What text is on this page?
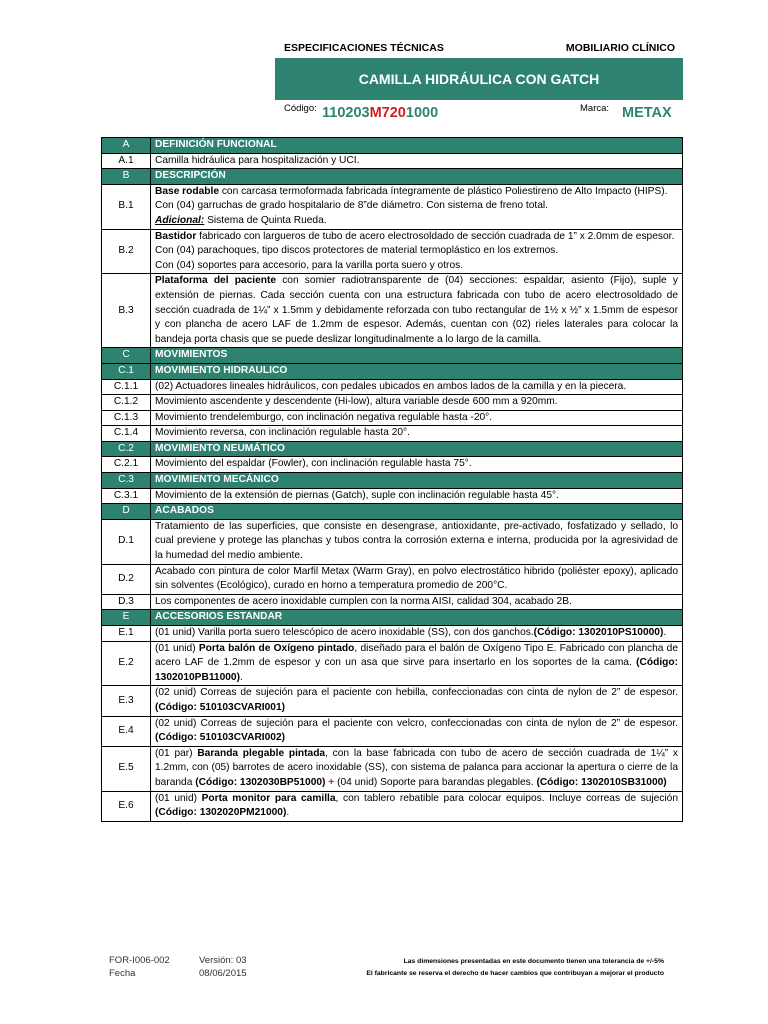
ESPECIFICACIONES TÉCNICAS	MOBILIARIO CLÍNICO
CAMILLA HIDRÁULICA CON GATCH
Código: 110203M7201000	Marca: METAX
A	DEFINICIÓN FUNCIONAL
A.1	Camilla hidráulica para hospitalización y UCI.
B	DESCRIPCIÓN
B.1	Base rodable con carcasa termoformada fabricada íntegramente de plástico Poliestireno de Alto Impacto (HIPS).
Con (04) garruchas de grado hospitalario de 8”de diámetro. Con sistema de freno total.
Adicional: Sistema de Quinta Rueda.

B.2	Bastidor fabricado con largueros de tubo de acero electrosoldado de sección cuadrada de 1” x 2.0mm de espesor.
Con (04) parachoques, tipo discos protectores de material termoplástico en los extremos.
Con (04) soportes para accesorio, para la varilla porta suero y otros.

B.3	Plataforma del paciente con somier radiotransparente de (04) secciones: espaldar, asiento (Fijo), suple y extensión de piernas. Cada sección cuenta con una estructura fabricada con tubo de acero electrosoldado de sección cuadrada de 1¼” x 1.5mm y debidamente reforzada con tubo rectangular de 1½ x ½” x 1.5mm de espesor y con plancha de acero LAF de 1.2mm de espesor. Además, cuentan con (02) rieles laterales para colocar la bandeja porta chasis que se puede deslizar longitudinalmente a lo largo de la camilla.

C	MOVIMIENTOS
C.1	MOVIMIENTO HIDRAULICO
C.1.1	(02) Actuadores lineales hidráulicos, con pedales ubicados en ambos lados de la camilla y en la piecera.
C.1.2	Movimiento ascendente y descendente (Hi-low), altura variable desde 600 mm a 920mm.
C.1.3	Movimiento trendelemburgo, con inclinación negativa regulable hasta -20°.
C.1.4	Movimiento reversa, con inclinación regulable hasta 20°.
C.2	MOVIMIENTO NEUMÁTICO
C.2.1	Movimiento del espaldar (Fowler), con inclinación regulable hasta 75°.
C.3	MOVIMIENTO MECÁNICO
C.3.1	Movimiento de la extensión de piernas (Gatch), suple con inclinación regulable hasta 45°.
D	ACABADOS
D.1	Tratamiento de las superficies, que consiste en desengrase, antioxidante, pre-activado, fosfatizado y sellado, lo cual previene y protege las planchas y tubos contra la corrosión externa e interna, producida por la agresividad de la humedad del medio ambiente.
D.2	Acabado con pintura de color Marfil Metax (Warm Gray), en polvo electrostático hibrido (poliéster epoxy), aplicado sin solventes (Ecológico), curado en horno a temperatura promedio de 200°C.
D.3	Los componentes de acero inoxidable cumplen con la norma AISI, calidad 304, acabado 2B.
E	ACCESORIOS ESTANDAR
E.1	(01 unid) Varilla porta suero telescópico de acero inoxidable (SS), con dos ganchos.(Código: 1302010PS10000).

E.2	(01 unid) Porta balón de Oxígeno pintado, diseñado para el balón de Oxígeno Tipo E. Fabricado con plancha de acero LAF de 1.2mm de espesor y con un asa que sirve para insertarlo en los soportes de la cama. (Código: 1302010PB11000).

E.3	(02 unid) Correas de sujeción para el paciente con hebilla, confeccionadas con cinta de nylon de 2” de espesor. (Código: 510103CVARI001)

E.4	(02 unid) Correas de sujeción para el paciente con velcro, confeccionadas con cinta de nylon de 2” de espesor. (Código: 510103CVARI002)

E.5	(01 par) Baranda plegable pintada, con la base fabricada con tubo de acero de sección cuadrada de 1¼” x 1.2mm, con (05) barrotes de acero inoxidable (SS), con sistema de palanca para accionar la apertura o cierre de la baranda (Código: 1302030BP51000) + (04 unid) Soporte para barandas plegables. (Código: 1302010SB31000)

E.6	(01 unid) Porta monitor para camilla, con tablero rebatible para colocar equipos. Incluye correas de sujeción (Código: 1302020PM21000).
FOR-I006-002
Fecha
Versión: 03
08/06/2015
Las dimensiones presentadas en este documento tienen una tolerancia de +/-5%
El fabricante se reserva el derecho de hacer cambios que contribuyan a mejorar el producto
